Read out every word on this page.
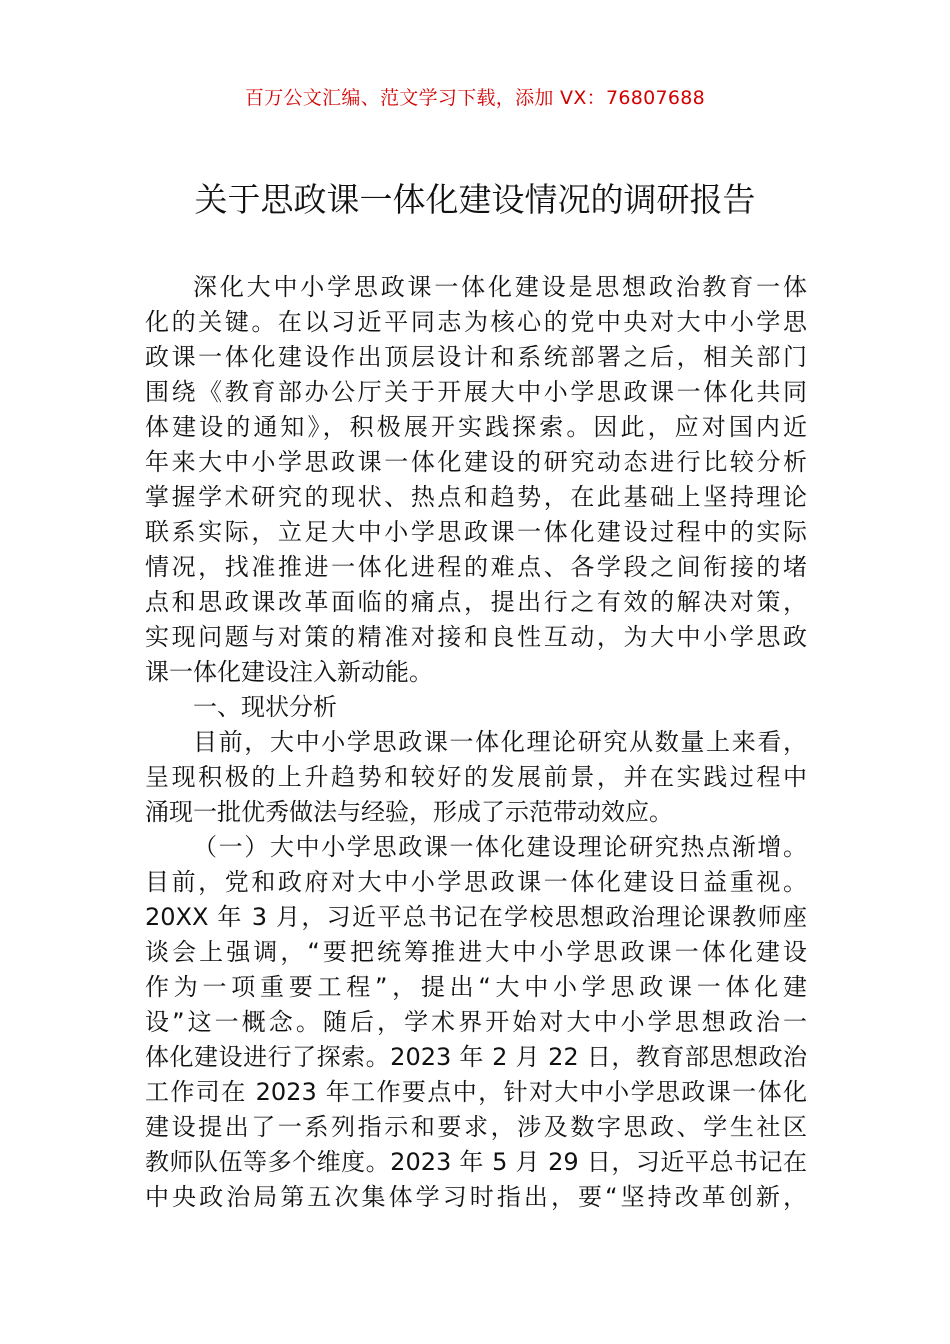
百万公文汇编、范文学习下载，添加 VX：76807688
关于思政课一体化建设情况的调研报告
深化大中小学思政课一体化建设是思想政治教育一体
化的关键。在以习近平同志为核心的党中央对大中小学思
政课一体化建设作出顶层设计和系统部署之后，相关部门
围绕《教育部办公厅关于开展大中小学思政课一体化共同
体建设的通知》，积极展开实践探索。因此，应对国内近
年来大中小学思政课一体化建设的研究动态进行比较分析
掌握学术研究的现状、热点和趋势，在此基础上坚持理论
联系实际，立足大中小学思政课一体化建设过程中的实际
情况，找准推进一体化进程的难点、各学段之间衔接的堵
点和思政课改革面临的痛点，提出行之有效的解决对策，
实现问题与对策的精准对接和良性互动，为大中小学思政
课一体化建设注入新动能。
一、现状分析
目前，大中小学思政课一体化理论研究从数量上来看，
呈现积极的上升趋势和较好的发展前景，并在实践过程中
涌现一批优秀做法与经验，形成了示范带动效应。
（一）大中小学思政课一体化建设理论研究热点渐增。
目前，党和政府对大中小学思政课一体化建设日益重视。
20XX 年 3 月，习近平总书记在学校思想政治理论课教师座
谈会上强调，“要把统筹推进大中小学思政课一体化建设
作为一项重要工程”，提出“大中小学思政课一体化建
设”这一概念。随后，学术界开始对大中小学思想政治一
体化建设进行了探索。2023 年 2 月 22 日，教育部思想政治
工作司在 2023 年工作要点中，针对大中小学思政课一体化
建设提出了一系列指示和要求，涉及数字思政、学生社区
教师队伍等多个维度。2023 年 5 月 29 日，习近平总书记在
中央政治局第五次集体学习时指出，要“坚持改革创新，
